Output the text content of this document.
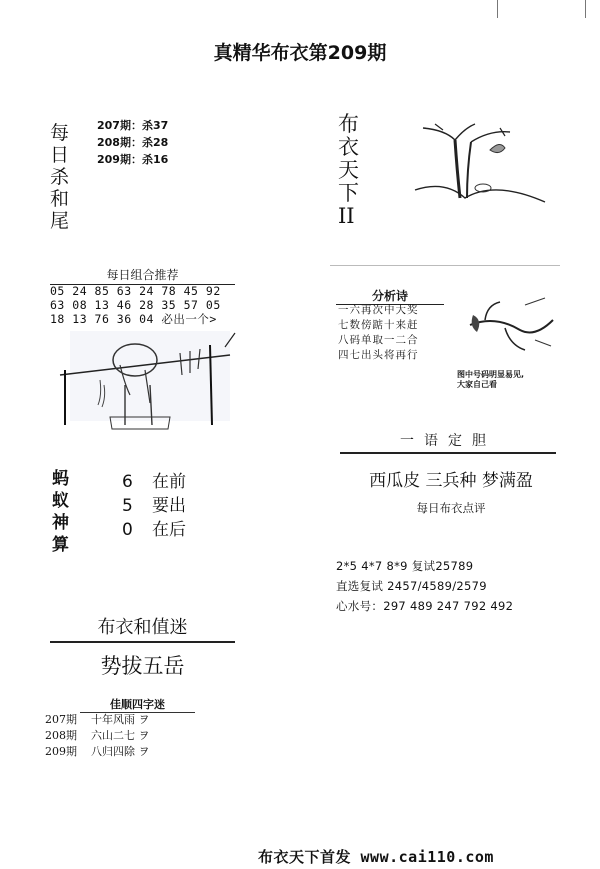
真精华布衣第209期
每
日
杀
和
尾
207期：杀37
208期：杀28
209期：杀16
每日组合推荐
05 24 85 63 24 78 45 92
63 08 13 46 28 35 57 05
18 13 76 36 04 必出一个>
蚂
蚁
神
算
6 在前
5 要出
0 在后
布衣和值迷
势拔五岳
佳顺四字迷
207期 十年风雨 ヲ
208期 六山二七 ヲ
209期 八归四除 ヲ
布
衣
天
下
II
分析诗
一六再次中大奖
七数傍踮十来赶
八码单取一二合
四七出头将再行
图中号码明显易见,
大家自己看
一语定胆
西瓜皮 三兵种 梦满盈
每日布衣点评
2*5 4*7 8*9 复试25789
直选复试 2457/4589/2579
心水号：297 489 247 792 492
布衣天下首发 www.cai110.com
